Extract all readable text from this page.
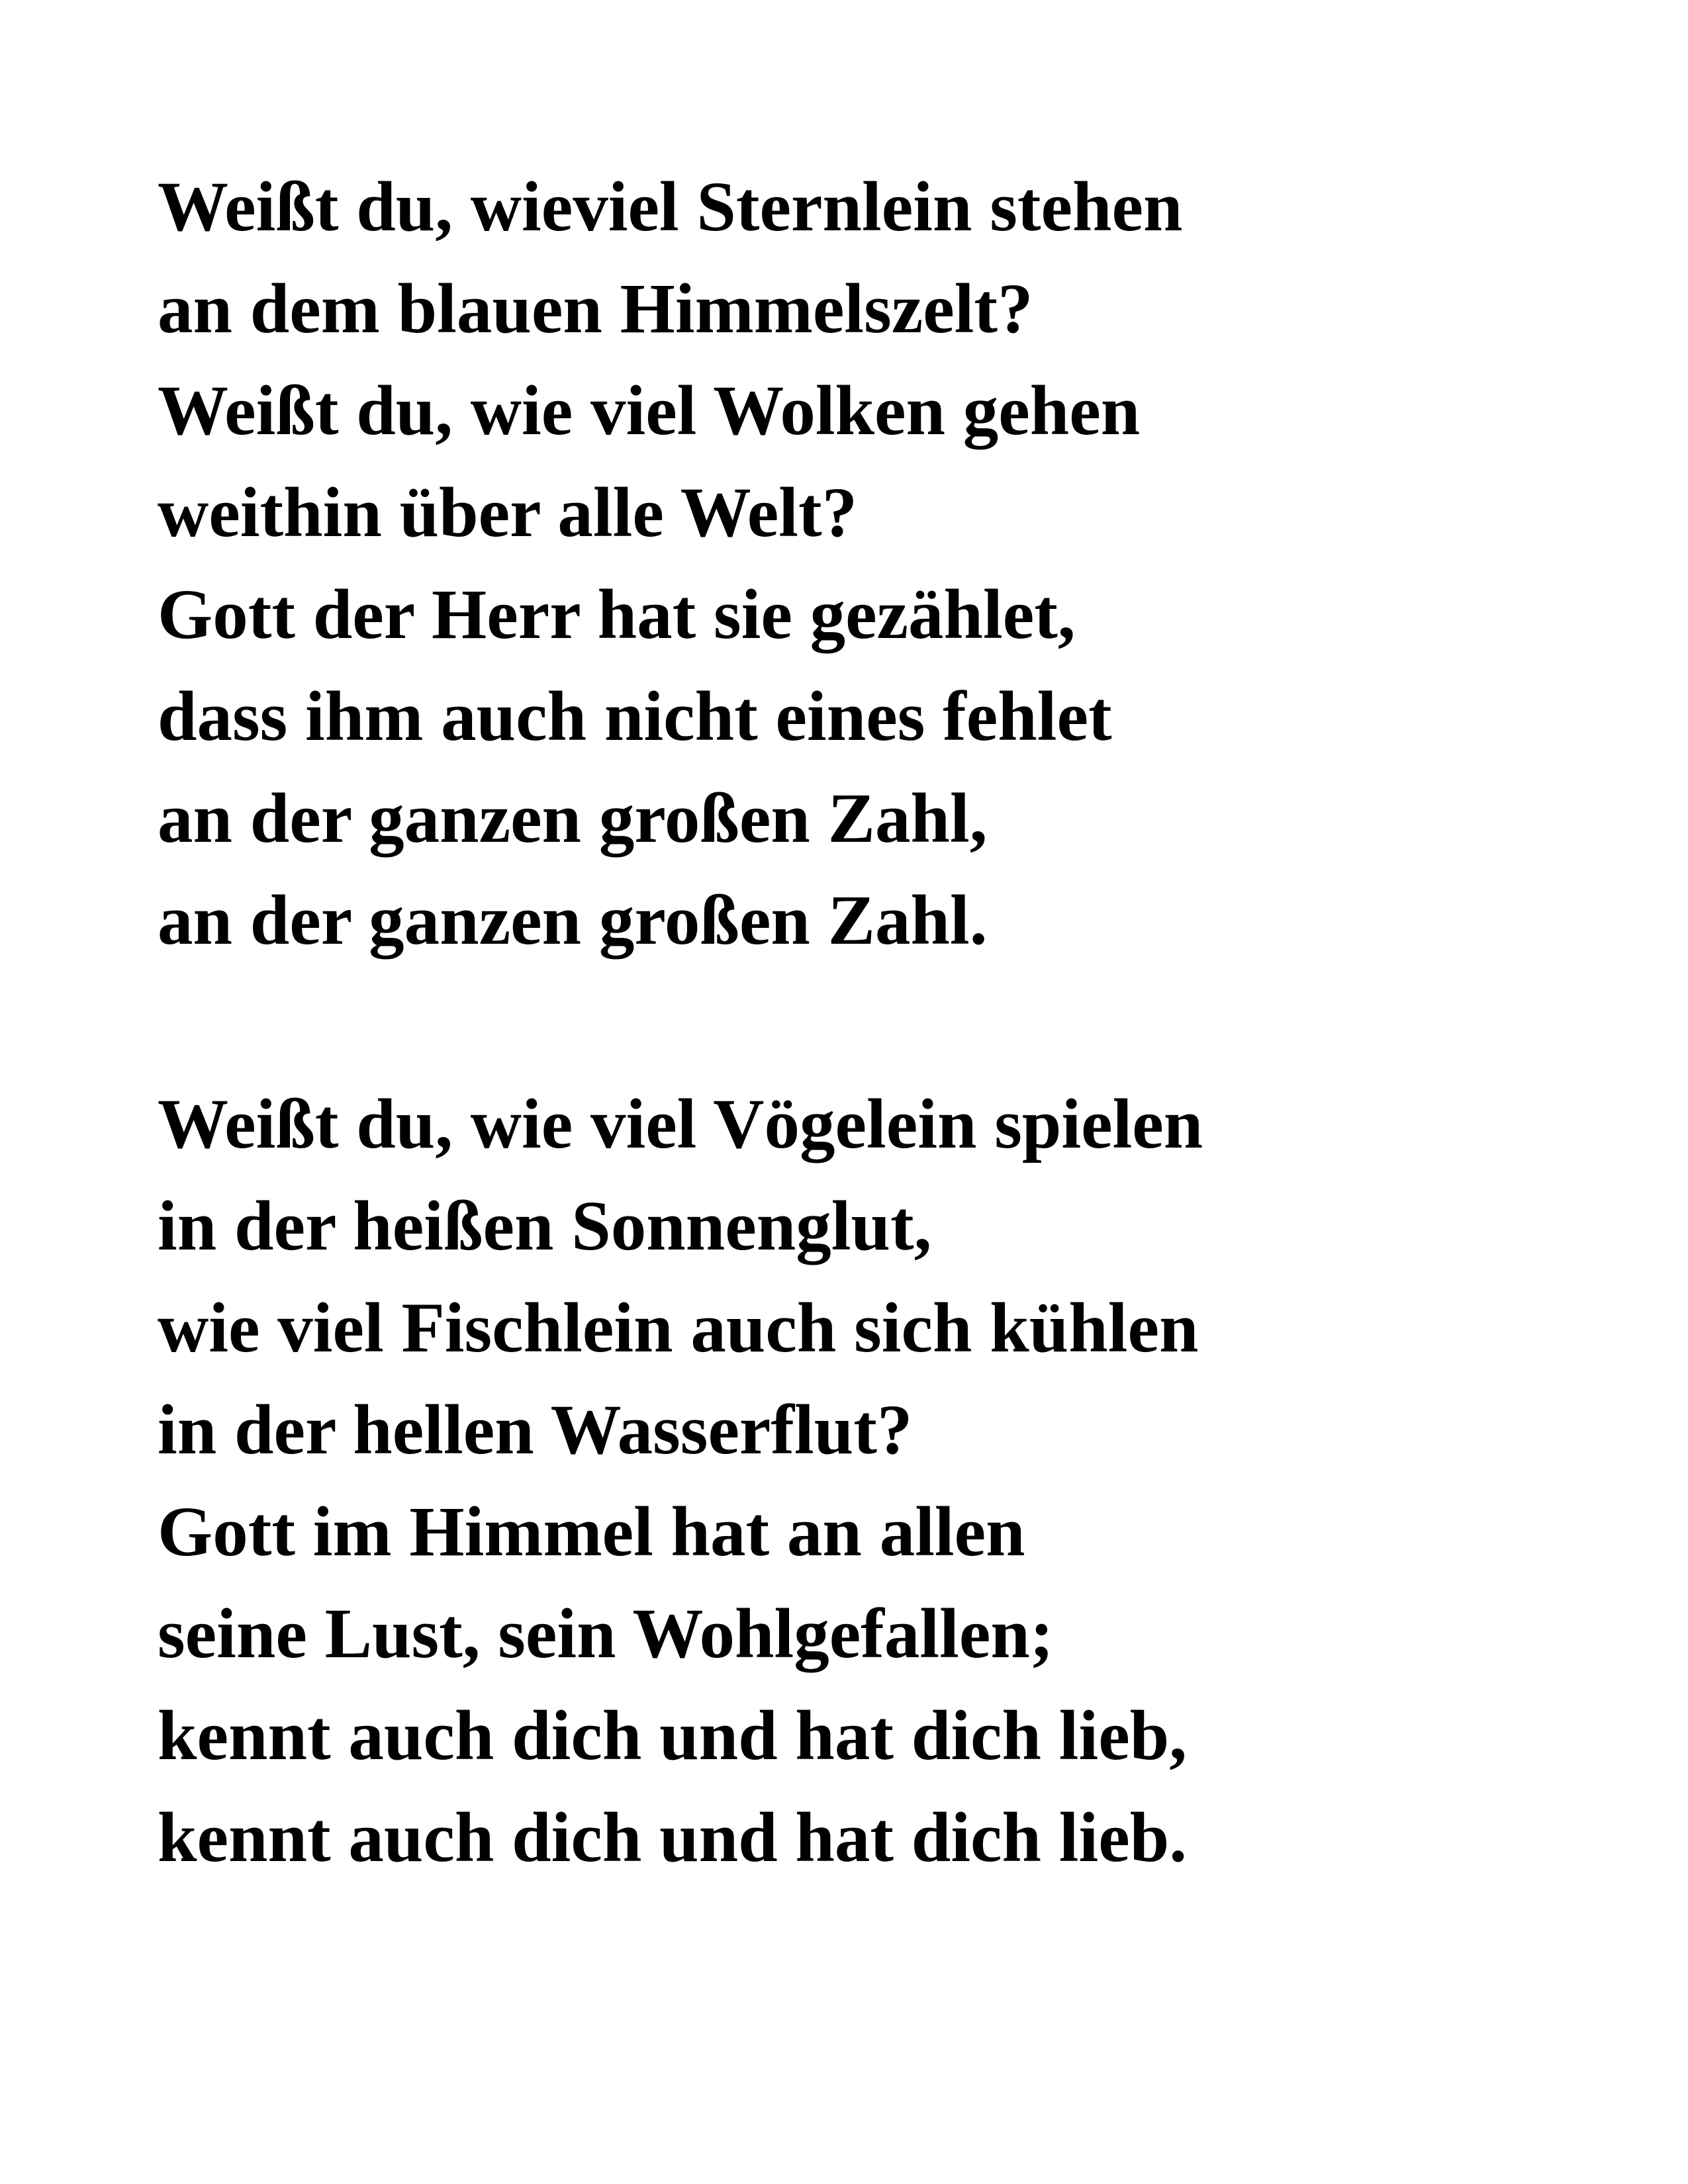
Weißt du, wieviel Sternlein stehen
an dem blauen Himmelszelt?
Weißt du, wie viel Wolken gehen
weithin über alle Welt?
Gott der Herr hat sie gezählet,
dass ihm auch nicht eines fehlet
an der ganzen großen Zahl,
an der ganzen großen Zahl.
Weißt du, wie viel Vögelein spielen
in der heißen Sonnenglut,
wie viel Fischlein auch sich kühlen
in der hellen Wasserflut?
Gott im Himmel hat an allen
seine Lust, sein Wohlgefallen;
kennt auch dich und hat dich lieb,
kennt auch dich und hat dich lieb.
